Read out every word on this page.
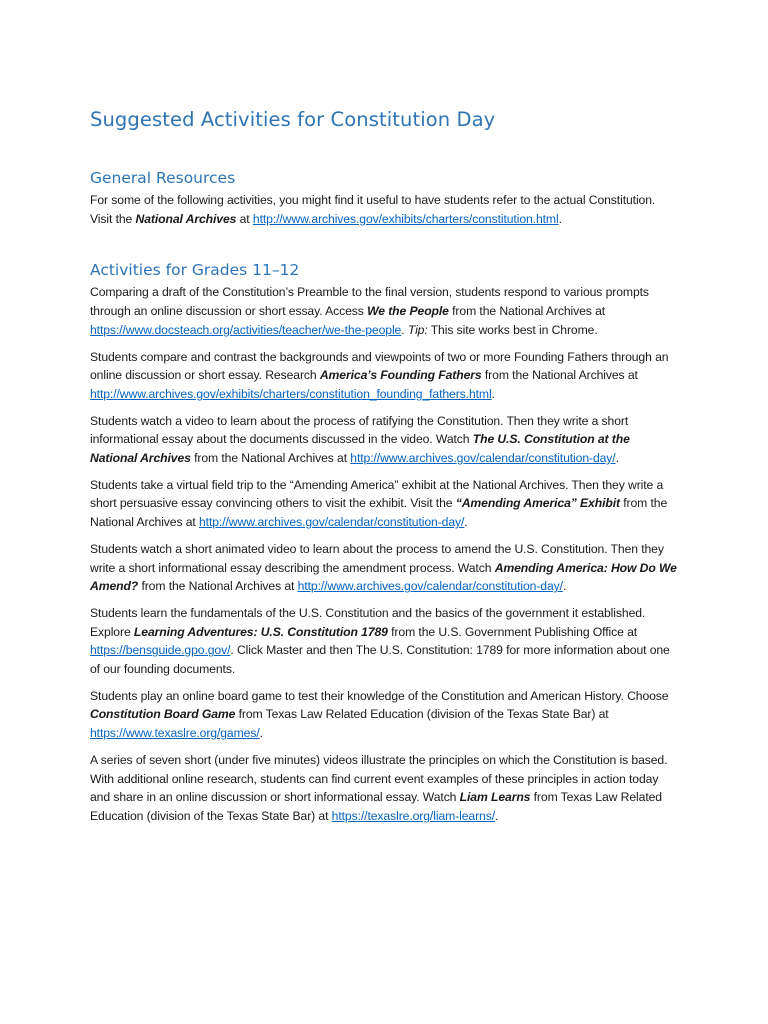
Suggested Activities for Constitution Day
General Resources

For some of the following activities, you might find it useful to have students refer to the actual Constitution. Visit the National Archives at http://www.archives.gov/exhibits/charters/constitution.html.

Activities for Grades 11–12

Comparing a draft of the Constitution’s Preamble to the final version, students respond to various prompts through an online discussion or short essay. Access We the People from the National Archives at https://www.docsteach.org/activities/teacher/we-the-people. Tip: This site works best in Chrome.

Students compare and contrast the backgrounds and viewpoints of two or more Founding Fathers through an online discussion or short essay. Research America’s Founding Fathers from the National Archives at http://www.archives.gov/exhibits/charters/constitution_founding_fathers.html.

Students watch a video to learn about the process of ratifying the Constitution. Then they write a short informational essay about the documents discussed in the video. Watch The U.S. Constitution at the National Archives from the National Archives at http://www.archives.gov/calendar/constitution-day/.

Students take a virtual field trip to the “Amending America” exhibit at the National Archives. Then they write a short persuasive essay convincing others to visit the exhibit. Visit the “Amending America” Exhibit from the National Archives at http://www.archives.gov/calendar/constitution-day/.

Students watch a short animated video to learn about the process to amend the U.S. Constitution. Then they write a short informational essay describing the amendment process. Watch Amending America: How Do We Amend? from the National Archives at http://www.archives.gov/calendar/constitution-day/.

Students learn the fundamentals of the U.S. Constitution and the basics of the government it established. Explore Learning Adventures: U.S. Constitution 1789 from the U.S. Government Publishing Office at https://bensguide.gpo.gov/. Click Master and then The U.S. Constitution: 1789 for more information about one of our founding documents.

Students play an online board game to test their knowledge of the Constitution and American History. Choose Constitution Board Game from Texas Law Related Education (division of the Texas State Bar) at https://www.texaslre.org/games/.

A series of seven short (under five minutes) videos illustrate the principles on which the Constitution is based. With additional online research, students can find current event examples of these principles in action today and share in an online discussion or short informational essay. Watch Liam Learns from Texas Law Related Education (division of the Texas State Bar) at https://texaslre.org/liam-learns/.
